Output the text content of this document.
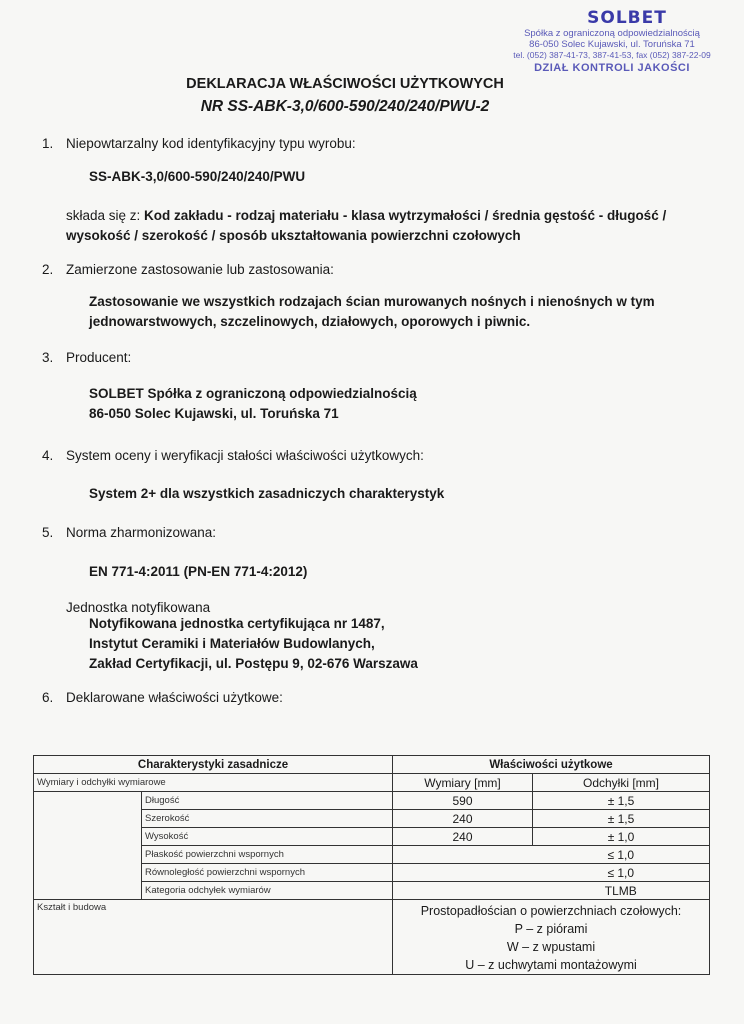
SOLBET
Spółka z ograniczoną odpowiedzialnością
86-050 Solec Kujawski, ul. Toruńska 71
tel. (052) 387-41-73, 387-41-53, fax (052) 387-22-09
DZIAŁ KONTROLI JAKOŚCI
DEKLARACJA WŁAŚCIWOŚCI UŻYTKOWYCH
NR SS-ABK-3,0/600-590/240/240/PWU-2
1. Niepowtarzalny kod identyfikacyjny typu wyrobu:
SS-ABK-3,0/600-590/240/240/PWU
składa się z: Kod zakładu - rodzaj materiału - klasa wytrzymałości / średnia gęstość - długość /
wysokość / szerokość / sposób ukształtowania powierzchni czołowych
2. Zamierzone zastosowanie lub zastosowania:
Zastosowanie we wszystkich rodzajach ścian murowanych nośnych i nienośnych w tym
jednowarstwowych, szczelinowych, działowych, oporowych i piwnic.
3. Producent:
SOLBET Spółka z ograniczoną odpowiedzialnością
86-050 Solec Kujawski, ul. Toruńska 71
4. System oceny i weryfikacji stałości właściwości użytkowych:
System 2+ dla wszystkich zasadniczych charakterystyk
5. Norma zharmonizowana:
EN 771-4:2011 (PN-EN 771-4:2012)
Jednostka notyfikowana
Notyfikowana jednostka certyfikująca nr 1487,
Instytut Ceramiki i Materiałów Budowlanych,
Zakład Certyfikacji, ul. Postępu 9, 02-676 Warszawa
6. Deklarowane właściwości użytkowe:
Charakterystyki zasadnicze		Właściwości użytkowe	
Wymiary i odchyłki wymiarowe		Wymiary [mm]	Odchyłki [mm]
	Długość	590	± 1,5
	Szerokość	240	± 1,5
	Wysokość	240	± 1,0
	Płaskość powierzchni wspornych		≤ 1,0
	Równoległość powierzchni wspornych		≤ 1,0
	Kategoria odchyłek wymiarów		TLMB
Kształt i budowa		Prostopadłościan o powierzchniach czołowych:
P – z piórami
W – z wpustami
U – z uchwytami montażowymi	
